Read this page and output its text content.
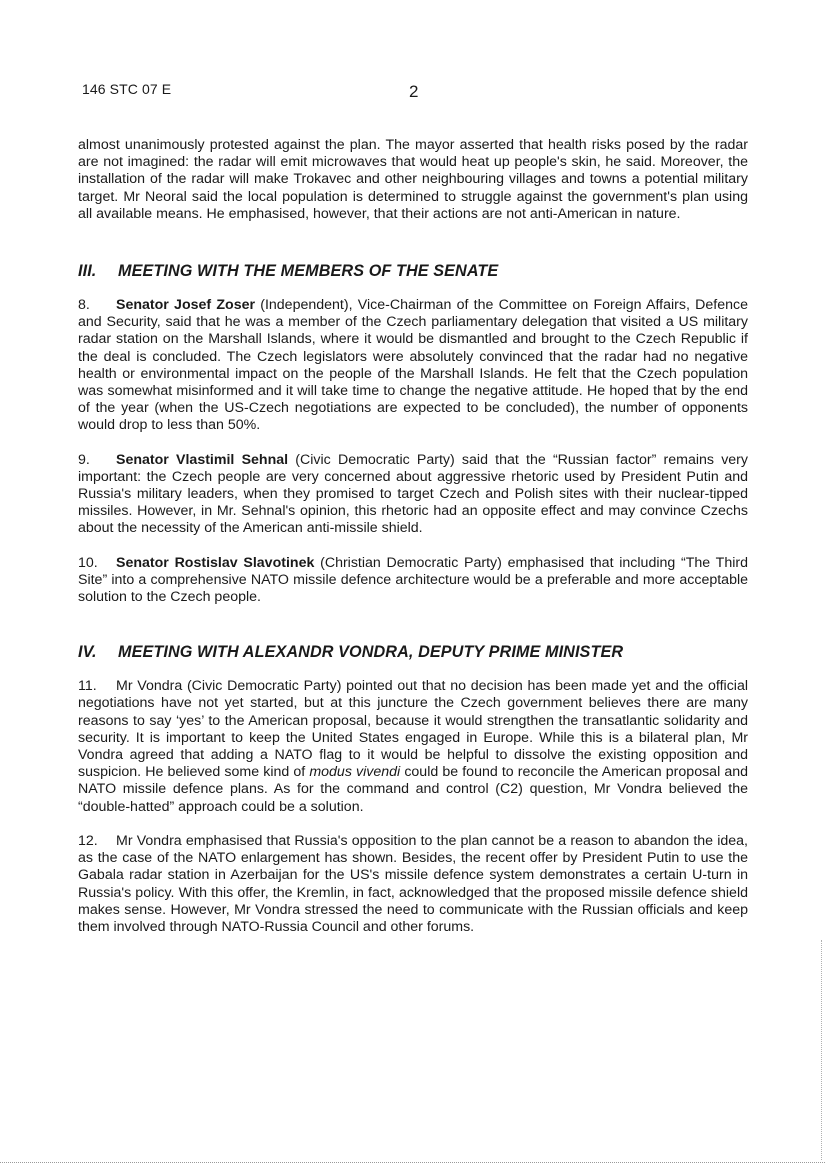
146 STC 07 E	2

almost unanimously protested against the plan. The mayor asserted that health risks posed by the radar are not imagined: the radar will emit microwaves that would heat up people's skin, he said. Moreover, the installation of the radar will make Trokavec and other neighbouring villages and towns a potential military target. Mr Neoral said the local population is determined to struggle against the government's plan using all available means. He emphasised, however, that their actions are not anti-American in nature.

III. MEETING WITH THE MEMBERS OF THE SENATE

8. Senator Josef Zoser (Independent), Vice-Chairman of the Committee on Foreign Affairs, Defence and Security, said that he was a member of the Czech parliamentary delegation that visited a US military radar station on the Marshall Islands, where it would be dismantled and brought to the Czech Republic if the deal is concluded. The Czech legislators were absolutely convinced that the radar had no negative health or environmental impact on the people of the Marshall Islands. He felt that the Czech population was somewhat misinformed and it will take time to change the negative attitude. He hoped that by the end of the year (when the US-Czech negotiations are expected to be concluded), the number of opponents would drop to less than 50%.

9. Senator Vlastimil Sehnal (Civic Democratic Party) said that the “Russian factor” remains very important: the Czech people are very concerned about aggressive rhetoric used by President Putin and Russia's military leaders, when they promised to target Czech and Polish sites with their nuclear-tipped missiles. However, in Mr. Sehnal's opinion, this rhetoric had an opposite effect and may convince Czechs about the necessity of the American anti-missile shield.

10. Senator Rostislav Slavotinek (Christian Democratic Party) emphasised that including “The Third Site” into a comprehensive NATO missile defence architecture would be a preferable and more acceptable solution to the Czech people.

IV. MEETING WITH ALEXANDR VONDRA, DEPUTY PRIME MINISTER

11. Mr Vondra (Civic Democratic Party) pointed out that no decision has been made yet and the official negotiations have not yet started, but at this juncture the Czech government believes there are many reasons to say ‘yes’ to the American proposal, because it would strengthen the transatlantic solidarity and security. It is important to keep the United States engaged in Europe. While this is a bilateral plan, Mr Vondra agreed that adding a NATO flag to it would be helpful to dissolve the existing opposition and suspicion. He believed some kind of modus vivendi could be found to reconcile the American proposal and NATO missile defence plans. As for the command and control (C2) question, Mr Vondra believed the “double-hatted” approach could be a solution.

12. Mr Vondra emphasised that Russia's opposition to the plan cannot be a reason to abandon the idea, as the case of the NATO enlargement has shown. Besides, the recent offer by President Putin to use the Gabala radar station in Azerbaijan for the US's missile defence system demonstrates a certain U-turn in Russia's policy. With this offer, the Kremlin, in fact, acknowledged that the proposed missile defence shield makes sense. However, Mr Vondra stressed the need to communicate with the Russian officials and keep them involved through NATO-Russia Council and other forums.
